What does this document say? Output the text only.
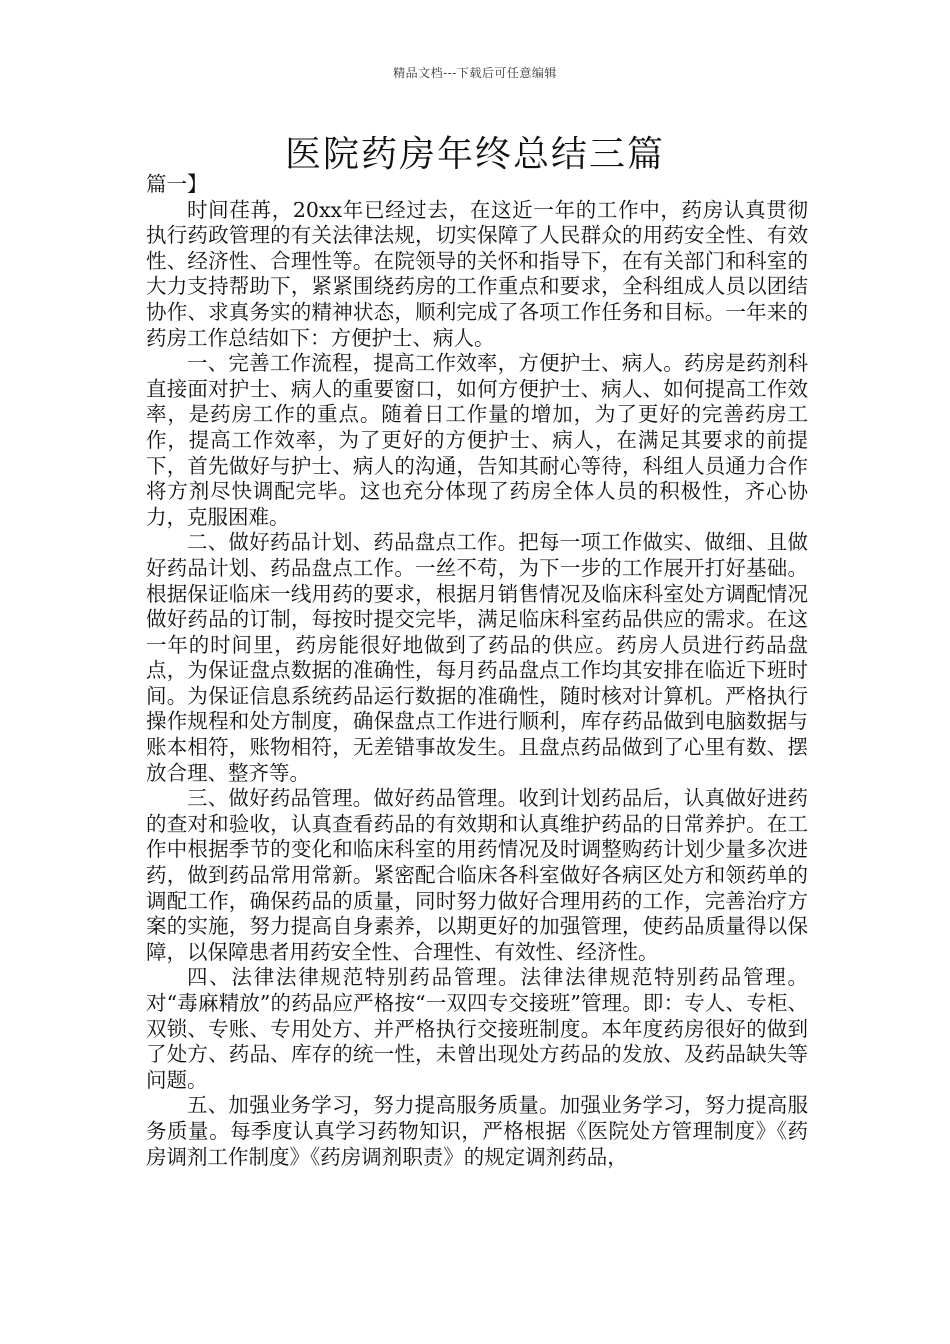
精品文档---下载后可任意编辑
医院药房年终总结三篇

篇一】

时间荏苒，20xx年已经过去，在这近一年的工作中，药房认真贯彻执行药政管理的有关法律法规，切实保障了人民群众的用药安全性、有效性、经济性、合理性等。在院领导的关怀和指导下，在有关部门和科室的大力支持帮助下，紧紧围绕药房的工作重点和要求，全科组成人员以团结协作、求真务实的精神状态，顺利完成了各项工作任务和目标。一年来的药房工作总结如下：方便护士、病人。

一、完善工作流程，提高工作效率，方便护士、病人。药房是药剂科直接面对护士、病人的重要窗口，如何方便护士、病人、如何提高工作效率，是药房工作的重点。随着日工作量的增加，为了更好的完善药房工作，提高工作效率，为了更好的方便护士、病人，在满足其要求的前提下，首先做好与护士、病人的沟通，告知其耐心等待，科组人员通力合作将方剂尽快调配完毕。这也充分体现了药房全体人员的积极性，齐心协力，克服困难。

二、做好药品计划、药品盘点工作。把每一项工作做实、做细、且做好药品计划、药品盘点工作。一丝不苟，为下一步的工作展开打好基础。根据保证临床一线用药的要求，根据月销售情况及临床科室处方调配情况做好药品的订制，每按时提交完毕，满足临床科室药品供应的需求。在这一年的时间里，药房能很好地做到了药品的供应。药房人员进行药品盘点，为保证盘点数据的准确性，每月药品盘点工作均其安排在临近下班时间。为保证信息系统药品运行数据的准确性，随时核对计算机。严格执行操作规程和处方制度，确保盘点工作进行顺利，库存药品做到电脑数据与账本相符，账物相符，无差错事故发生。且盘点药品做到了心里有数、摆放合理、整齐等。

三、做好药品管理。做好药品管理。收到计划药品后，认真做好进药的查对和验收，认真查看药品的有效期和认真维护药品的日常养护。在工作中根据季节的变化和临床科室的用药情况及时调整购药计划少量多次进药，做到药品常用常新。紧密配合临床各科室做好各病区处方和领药单的调配工作，确保药品的质量，同时努力做好合理用药的工作，完善治疗方案的实施，努力提高自身素养，以期更好的加强管理，使药品质量得以保障，以保障患者用药安全性、合理性、有效性、经济性。

四、法律法律规范特别药品管理。法律法律规范特别药品管理。对“毒麻精放”的药品应严格按“一双四专交接班”管理。即：专人、专柜、双锁、专账、专用处方、并严格执行交接班制度。本年度药房很好的做到了处方、药品、库存的统一性，未曾出现处方药品的发放、及药品缺失等问题。

五、加强业务学习，努力提高服务质量。加强业务学习，努力提高服务质量。每季度认真学习药物知识，严格根据《医院处方管理制度》《药房调剂工作制度》《药房调剂职责》的规定调剂药品，
